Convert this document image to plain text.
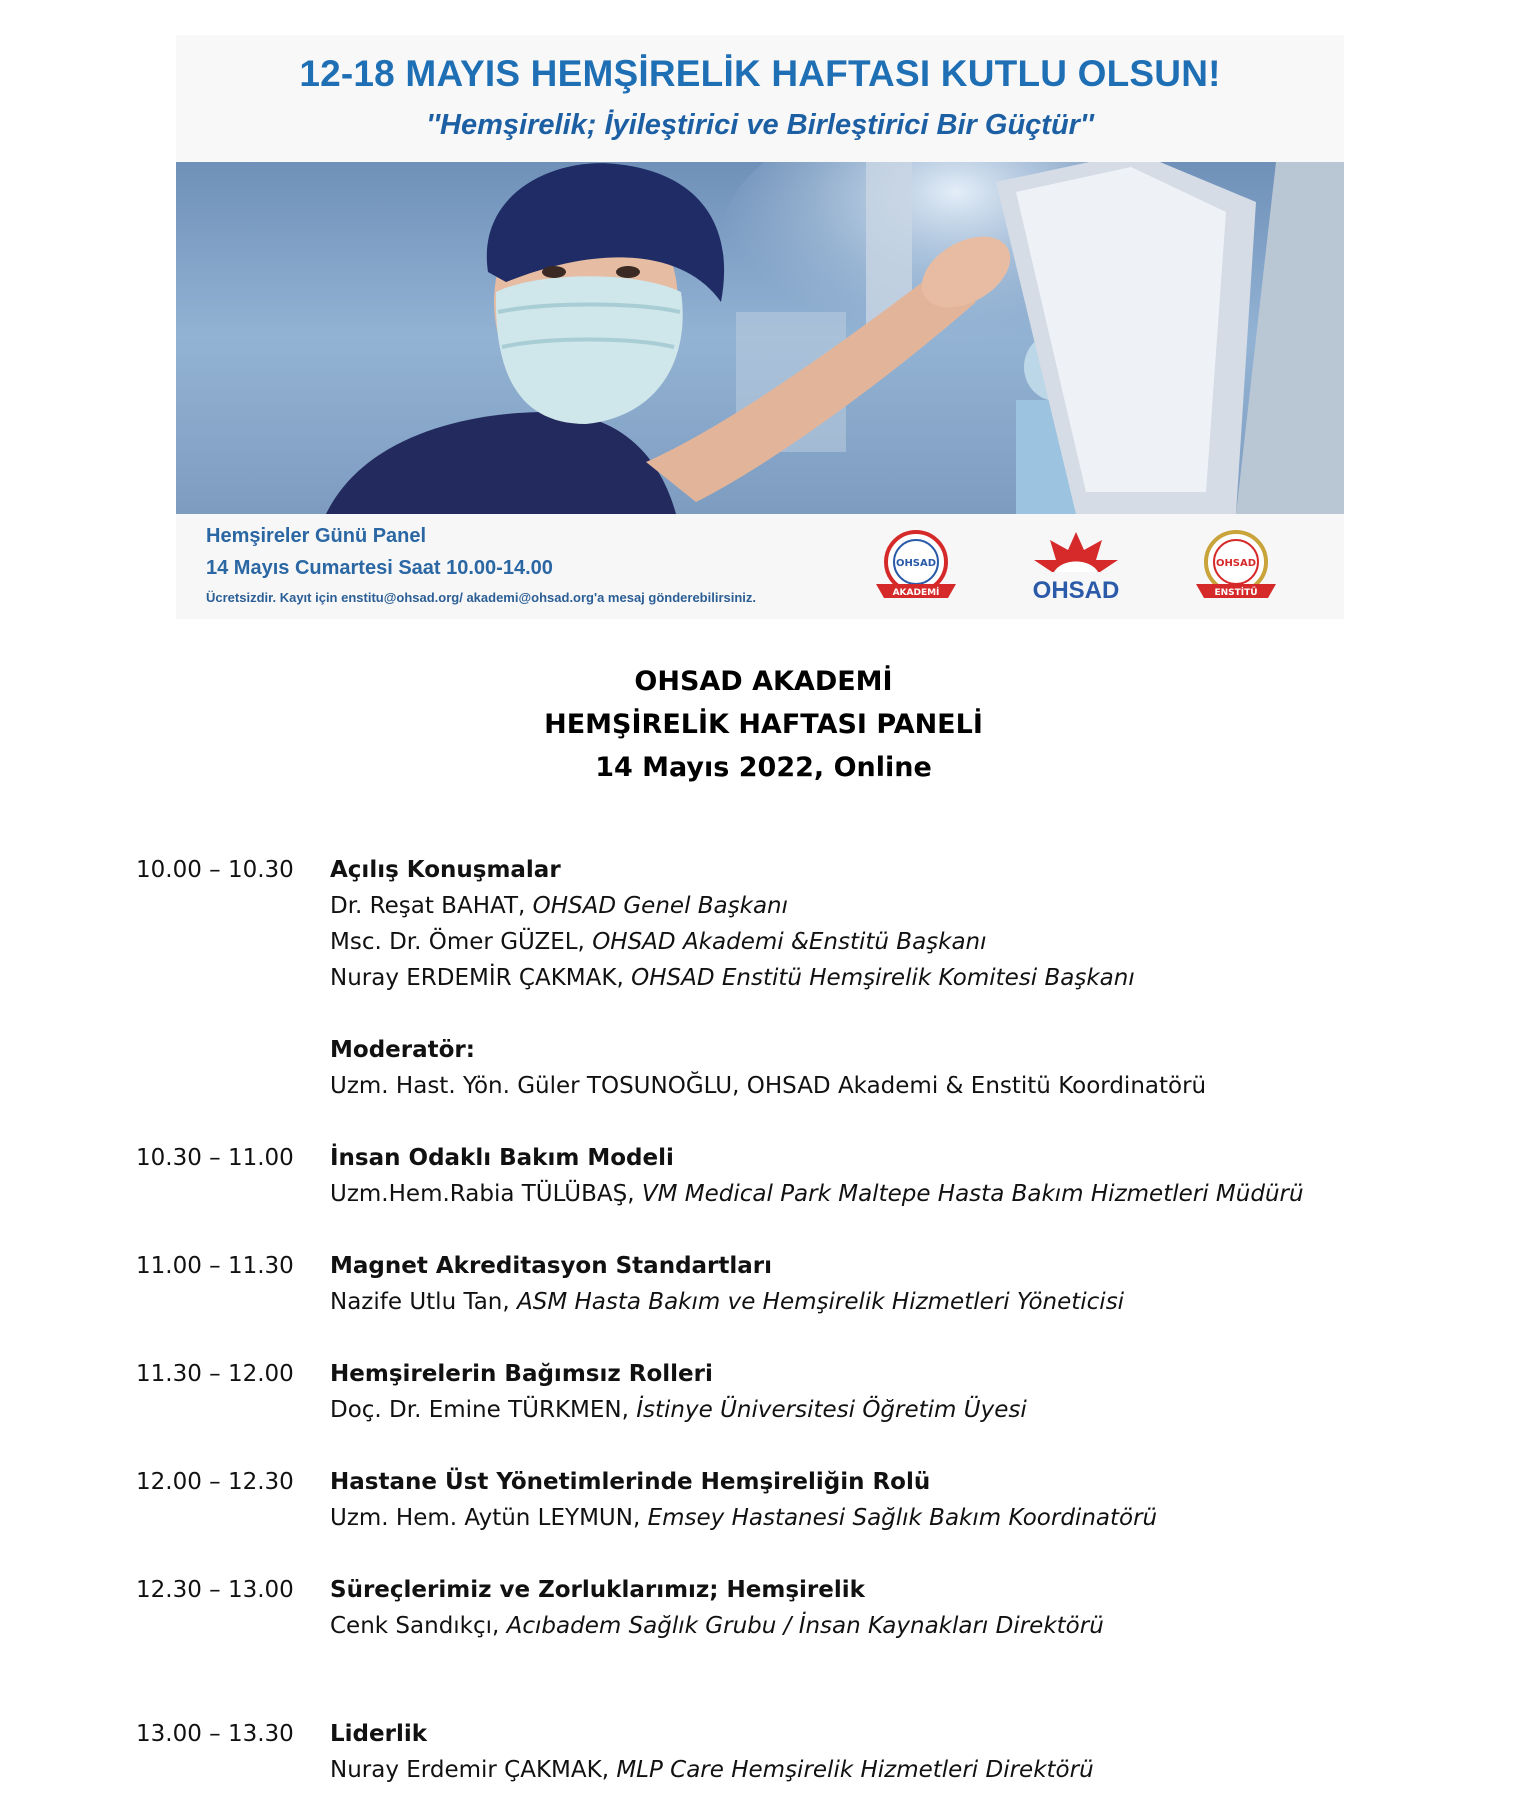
12-18 MAYIS HEMŞİRELİK HAFTASI KUTLU OLSUN!
''Hemşirelik; İyileştirici ve Birleştirici Bir Güçtür''
Hemşireler Günü Panel
14 Mayıs Cumartesi Saat 10.00-14.00
Ücretsizdir. Kayıt için enstitu@ohsad.org/ akademi@ohsad.org'a mesaj gönderebilirsiniz.
OHSAD
AKADEMİ	OHSAD
OHSAD
ENSTİTÜ
OHSAD AKADEMİ
HEMŞİRELİK HAFTASI PANELİ
14 Mayıs 2022, Online
10.00 – 10.30	Açılış Konuşmalar
Dr. Reşat BAHAT, OHSAD Genel Başkanı
Msc. Dr. Ömer GÜZEL, OHSAD Akademi &Enstitü Başkanı
Nuray ERDEMİR ÇAKMAK, OHSAD Enstitü Hemşirelik Komitesi Başkanı
Moderatör:
Uzm. Hast. Yön. Güler TOSUNOĞLU, OHSAD Akademi & Enstitü Koordinatörü
10.30 – 11.00	İnsan Odaklı Bakım Modeli
Uzm.Hem.Rabia TÜLÜBAŞ, VM Medical Park Maltepe Hasta Bakım Hizmetleri Müdürü
11.00 – 11.30	Magnet Akreditasyon Standartları
Nazife Utlu Tan, ASM Hasta Bakım ve Hemşirelik Hizmetleri Yöneticisi
11.30 – 12.00	Hemşirelerin Bağımsız Rolleri
Doç. Dr. Emine TÜRKMEN, İstinye Üniversitesi Öğretim Üyesi
12.00 – 12.30	Hastane Üst Yönetimlerinde Hemşireliğin Rolü
Uzm. Hem. Aytün LEYMUN, Emsey Hastanesi Sağlık Bakım Koordinatörü
12.30 – 13.00	Süreçlerimiz ve Zorluklarımız; Hemşirelik
Cenk Sandıkçı, Acıbadem Sağlık Grubu / İnsan Kaynakları Direktörü
13.00 – 13.30	Liderlik
Nuray Erdemir ÇAKMAK, MLP Care Hemşirelik Hizmetleri Direktörü
